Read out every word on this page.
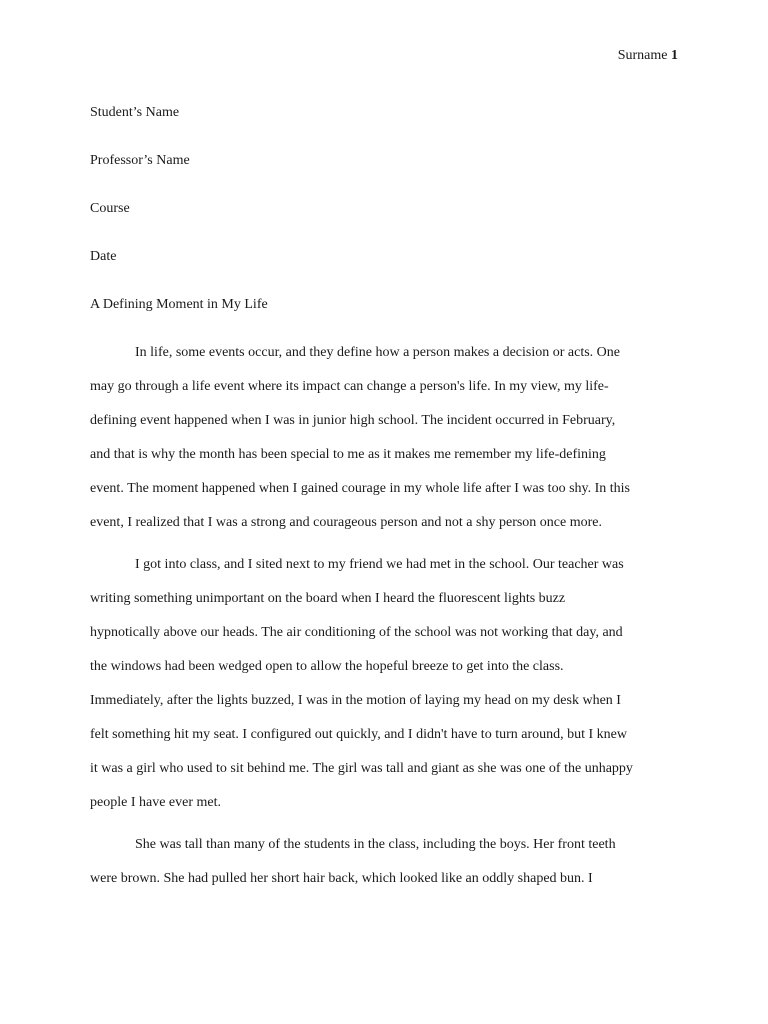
Surname 1
Student’s Name
Professor’s Name
Course
Date
A Defining Moment in My Life
In life, some events occur, and they define how a person makes a decision or acts. One
may go through a life event where its impact can change a person's life. In my view, my life-
defining event happened when I was in junior high school. The incident occurred in February,
and that is why the month has been special to me as it makes me remember my life-defining
event. The moment happened when I gained courage in my whole life after I was too shy. In this
event, I realized that I was a strong and courageous person and not a shy person once more.
I got into class, and I sited next to my friend we had met in the school. Our teacher was
writing something unimportant on the board when I heard the fluorescent lights buzz
hypnotically above our heads. The air conditioning of the school was not working that day, and
the windows had been wedged open to allow the hopeful breeze to get into the class.
Immediately, after the lights buzzed, I was in the motion of laying my head on my desk when I
felt something hit my seat. I configured out quickly, and I didn't have to turn around, but I knew
it was a girl who used to sit behind me. The girl was tall and giant as she was one of the unhappy
people I have ever met.
She was tall than many of the students in the class, including the boys. Her front teeth
were brown. She had pulled her short hair back, which looked like an oddly shaped bun. I
